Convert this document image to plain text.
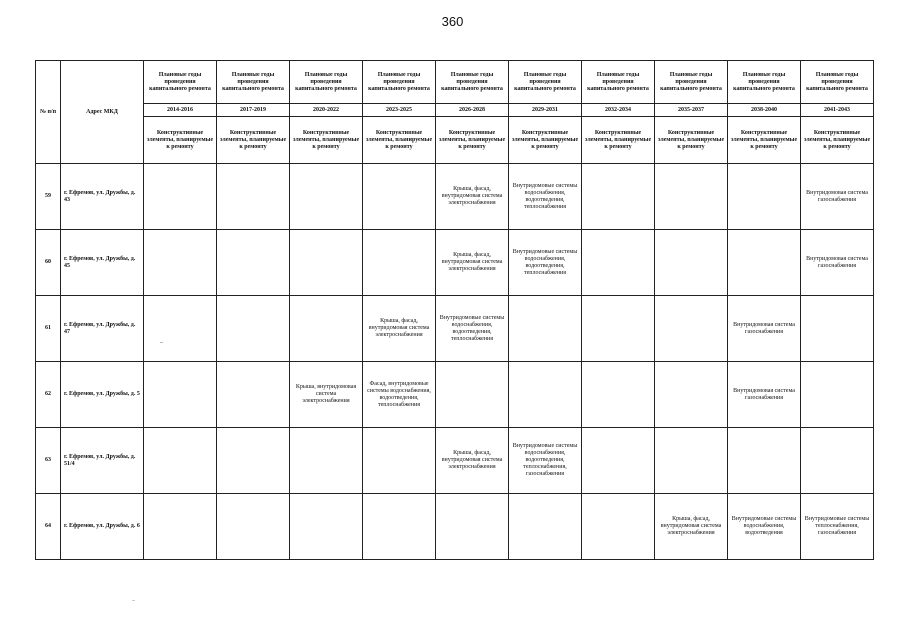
360
№ п/п	Адрес МКД	Плановые годы проведения капитального ремонта	Плановые годы проведения капитального ремонта	Плановые годы проведения капитального ремонта	Плановые годы проведения капитального ремонта	Плановые годы проведения капитального ремонта	Плановые годы проведения капитального ремонта	Плановые годы проведения капитального ремонта	Плановые годы проведения капитального ремонта	Плановые годы проведения капитального ремонта	Плановые годы проведения капитального ремонта
		2014-2016	2017-2019	2020-2022	2023-2025	2026-2028	2029-2031	2032-2034	2035-2037	2038-2040	2041-2043
		Конструктивные элементы, планируемые к ремонту	Конструктивные элементы, планируемые к ремонту	Конструктивные элементы, планируемые к ремонту	Конструктивные элементы, планируемые к ремонту	Конструктивные элементы, планируемые к ремонту	Конструктивные элементы, планируемые к ремонту	Конструктивные элементы, планируемые к ремонту	Конструктивные элементы, планируемые к ремонту	Конструктивные элементы, планируемые к ремонту	Конструктивные элементы, планируемые к ремонту
59	г. Ефремов, ул. Дружбы, д. 43					Крыша, фасад, внутридомовая система электроснабжения	Внутридомовые системы водоснабжения, водоотведения, теплоснабжения				Внутридомовая система газоснабжения
60	г. Ефремов, ул. Дружбы, д. 45					Крыша, фасад, внутридомовая система электроснабжения	Внутридомовые системы водоснабжения, водоотведения, теплоснабжения				Внутридомовая система газоснабжения
61	г. Ефремов, ул. Дружбы, д. 47				Крыша, фасад, внутридомовая система электроснабжения	Внутридомовые системы водоснабжения, водоотведения, теплоснабжения				Внутридомовая система газоснабжения	
62	г. Ефремов, ул. Дружбы, д. 5			Крыша, внутридомовая система электроснабжения	Фасад, внутридомовые системы водоснабжения, водоотведения, теплоснабжения					Внутридомовая система газоснабжения	
63	г. Ефремов, ул. Дружбы, д. 51/4					Крыша, фасад, внутридомовая система электроснабжения	Внутридомовые системы водоснабжения, водоотведения, теплоснабжения, газоснабжения				
64	г. Ефремов, ул. Дружбы, д. 6								Крыша, фасад, внутридомовая система электроснабжения	Внутридомовые системы водоснабжения, водоотведения	Внутридомовые системы теплоснабжения, газоснабжения
